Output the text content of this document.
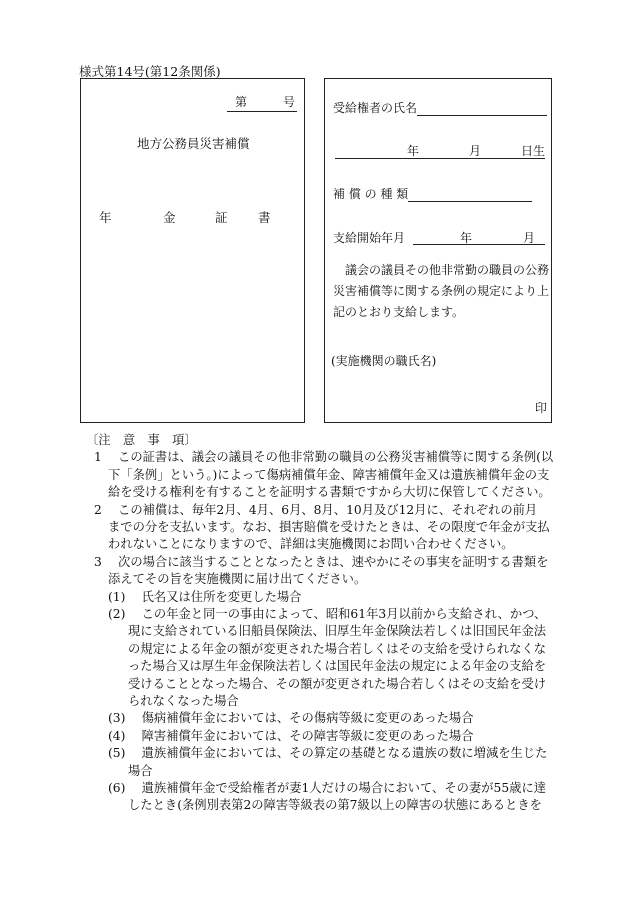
様式第14号(第12条関係)
第	号
地方公務員災害補償
年	金	証 書
受給権者の氏名
年	月	日生
補 償 の 種 類
支給開始年月	年	月
議会の議員その他非常勤の職員の公務
災害補償等に関する条例の規定により上
記のとおり支給します。
(実施機関の職氏名)
印
〔注　意　事　項〕
1　 この証書は、議会の議員その他非常勤の職員の公務災害補償等に関する条例(以
下「条例」という。)によって傷病補償年金、障害補償年金又は遺族補償年金の支
給を受ける権利を有することを証明する書類ですから大切に保管してください。
2　 この補償は、毎年2月、4月、6月、8月、10月及び12月に、それぞれの前月
までの分を支払います。なお、損害賠償を受けたときは、その限度で年金が支払
われないことになりますので、詳細は実施機関にお問い合わせください。
3　 次の場合に該当することとなったときは、速やかにその事実を証明する書類を
添えてその旨を実施機関に届け出てください。
(1)　 氏名又は住所を変更した場合
(2)　 この年金と同一の事由によって、昭和61年3月以前から支給され、かつ、
現に支給されている旧船員保険法、旧厚生年金保険法若しくは旧国民年金法
の規定による年金の額が変更された場合若しくはその支給を受けられなくな
った場合又は厚生年金保険法若しくは国民年金法の規定による年金の支給を
受けることとなった場合、その額が変更された場合若しくはその支給を受け
られなくなった場合
(3)　 傷病補償年金においては、その傷病等級に変更のあった場合
(4)　 障害補償年金においては、その障害等級に変更のあった場合
(5)　 遺族補償年金においては、その算定の基礎となる遺族の数に増減を生じた
場合
(6)　 遺族補償年金で受給権者が妻1人だけの場合において、その妻が55歳に達
したとき(条例別表第2の障害等級表の第7級以上の障害の状態にあるときを
